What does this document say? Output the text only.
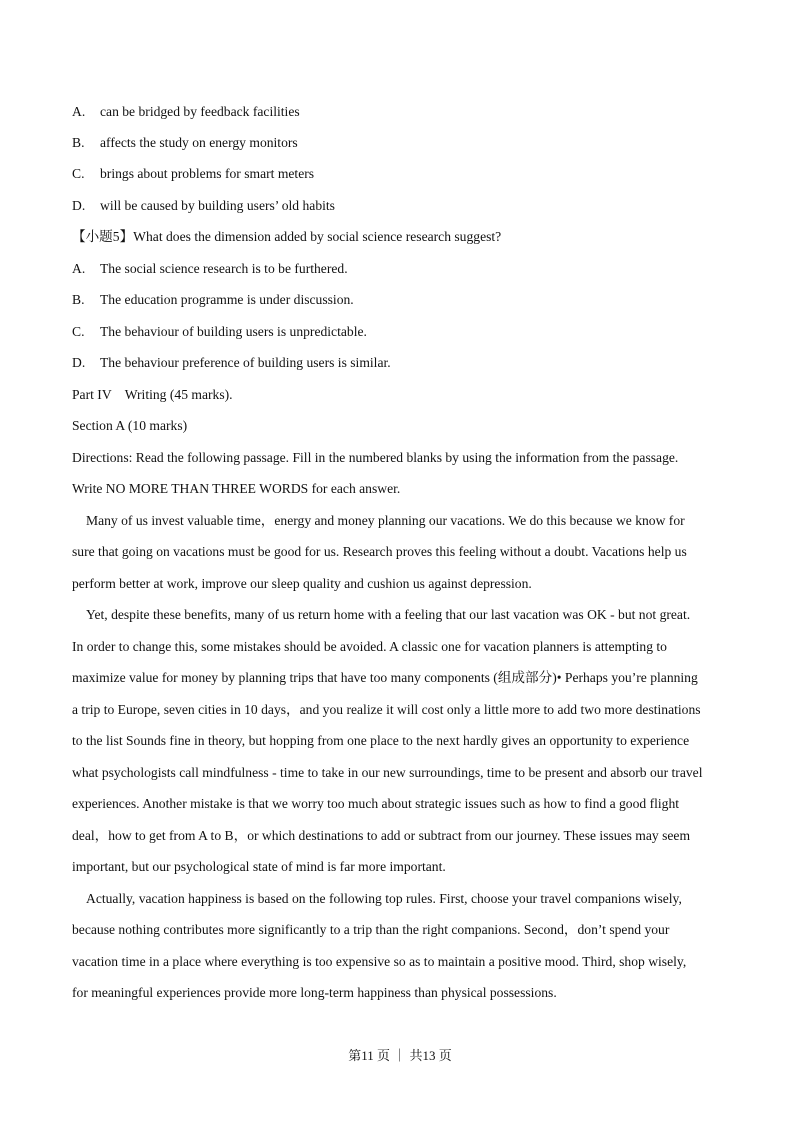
A. can be bridged by feedback facilities
B. affects the study on energy monitors
C. brings about problems for smart meters
D. will be caused by building users’ old habits
【小题5】What does the dimension added by social science research suggest?
A. The social science research is to be furthered.
B. The education programme is under discussion.
C. The behaviour of building users is unpredictable.
D. The behaviour preference of building users is similar.
Part IV    Writing (45 marks).
Section A (10 marks)
Directions: Read the following passage. Fill in the numbered blanks by using the information from the passage.
Write NO MORE THAN THREE WORDS for each answer.
Many of us invest valuable time，energy and money planning our vacations. We do this because we know for
sure that going on vacations must be good for us. Research proves this feeling without a doubt. Vacations help us
perform better at work, improve our sleep quality and cushion us against depression.
Yet, despite these benefits, many of us return home with a feeling that our last vacation was OK - but not great.
In order to change this, some mistakes should be avoided. A classic one for vacation planners is attempting to
maximize value for money by planning trips that have too many components (组成部分)• Perhaps you’re planning
a trip to Europe, seven cities in 10 days，and you realize it will cost only a little more to add two more destinations
to the list Sounds fine in theory, but hopping from one place to the next hardly gives an opportunity to experience
what psychologists call mindfulness - time to take in our new surroundings, time to be present and absorb our travel
experiences. Another mistake is that we worry too much about strategic issues such as how to find a good flight
deal，how to get from A to B，or which destinations to add or subtract from our journey. These issues may seem
important, but our psychological state of mind is far more important.
Actually, vacation happiness is based on the following top rules. First, choose your travel companions wisely,
because nothing contributes more significantly to a trip than the right companions. Second，don’t spend your
vacation time in a place where everything is too expensive so as to maintain a positive mood. Third, shop wisely,
for meaningful experiences provide more long-term happiness than physical possessions.
第11 页 ｜ 共13 页
